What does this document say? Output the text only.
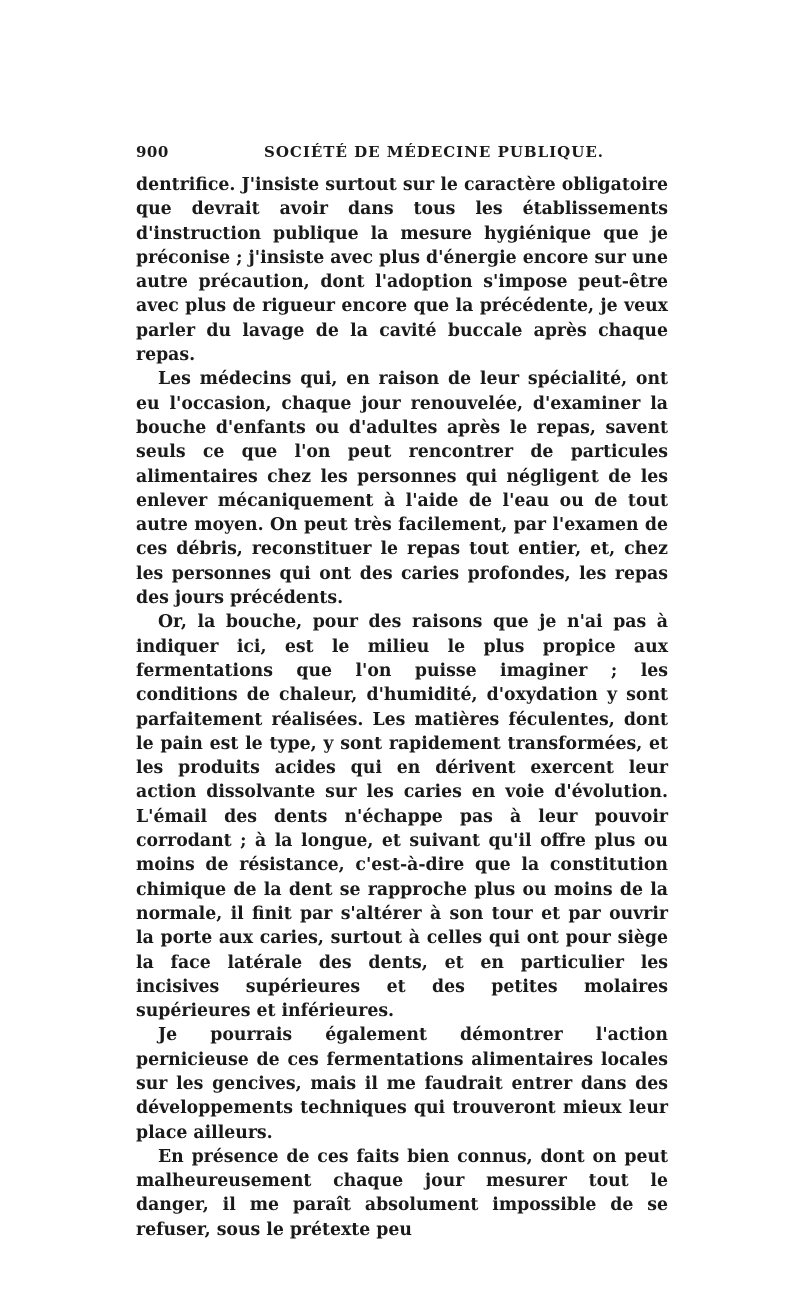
900	SOCIÉTÉ DE MÉDECINE PUBLIQUE.

dentrifice. J'insiste surtout sur le caractère obligatoire que devrait avoir dans tous les établissements d'instruction publique la mesure hygiénique que je préconise ; j'insiste avec plus d'énergie encore sur une autre précaution, dont l'adoption s'impose peut-être avec plus de rigueur encore que la précédente, je veux parler du lavage de la cavité buccale après chaque repas.

Les médecins qui, en raison de leur spécialité, ont eu l'occasion, chaque jour renouvelée, d'examiner la bouche d'enfants ou d'adultes après le repas, savent seuls ce que l'on peut rencontrer de particules alimentaires chez les personnes qui négligent de les enlever mécaniquement à l'aide de l'eau ou de tout autre moyen. On peut très facilement, par l'examen de ces débris, reconstituer le repas tout entier, et, chez les personnes qui ont des caries profondes, les repas des jours précédents.

Or, la bouche, pour des raisons que je n'ai pas à indiquer ici, est le milieu le plus propice aux fermentations que l'on puisse imaginer ; les conditions de chaleur, d'humidité, d'oxydation y sont parfaitement réalisées. Les matières féculentes, dont le pain est le type, y sont rapidement transformées, et les produits acides qui en dérivent exercent leur action dissolvante sur les caries en voie d'évolution. L'émail des dents n'échappe pas à leur pouvoir corrodant ; à la longue, et suivant qu'il offre plus ou moins de résistance, c'est-à-dire que la constitution chimique de la dent se rapproche plus ou moins de la normale, il finit par s'altérer à son tour et par ouvrir la porte aux caries, surtout à celles qui ont pour siège la face latérale des dents, et en particulier les incisives supérieures et des petites molaires supérieures et inférieures.

Je pourrais également démontrer l'action pernicieuse de ces fermentations alimentaires locales sur les gencives, mais il me faudrait entrer dans des développements techniques qui trouveront mieux leur place ailleurs.

En présence de ces faits bien connus, dont on peut malheureusement chaque jour mesurer tout le danger, il me paraît absolument impossible de se refuser, sous le prétexte peu
